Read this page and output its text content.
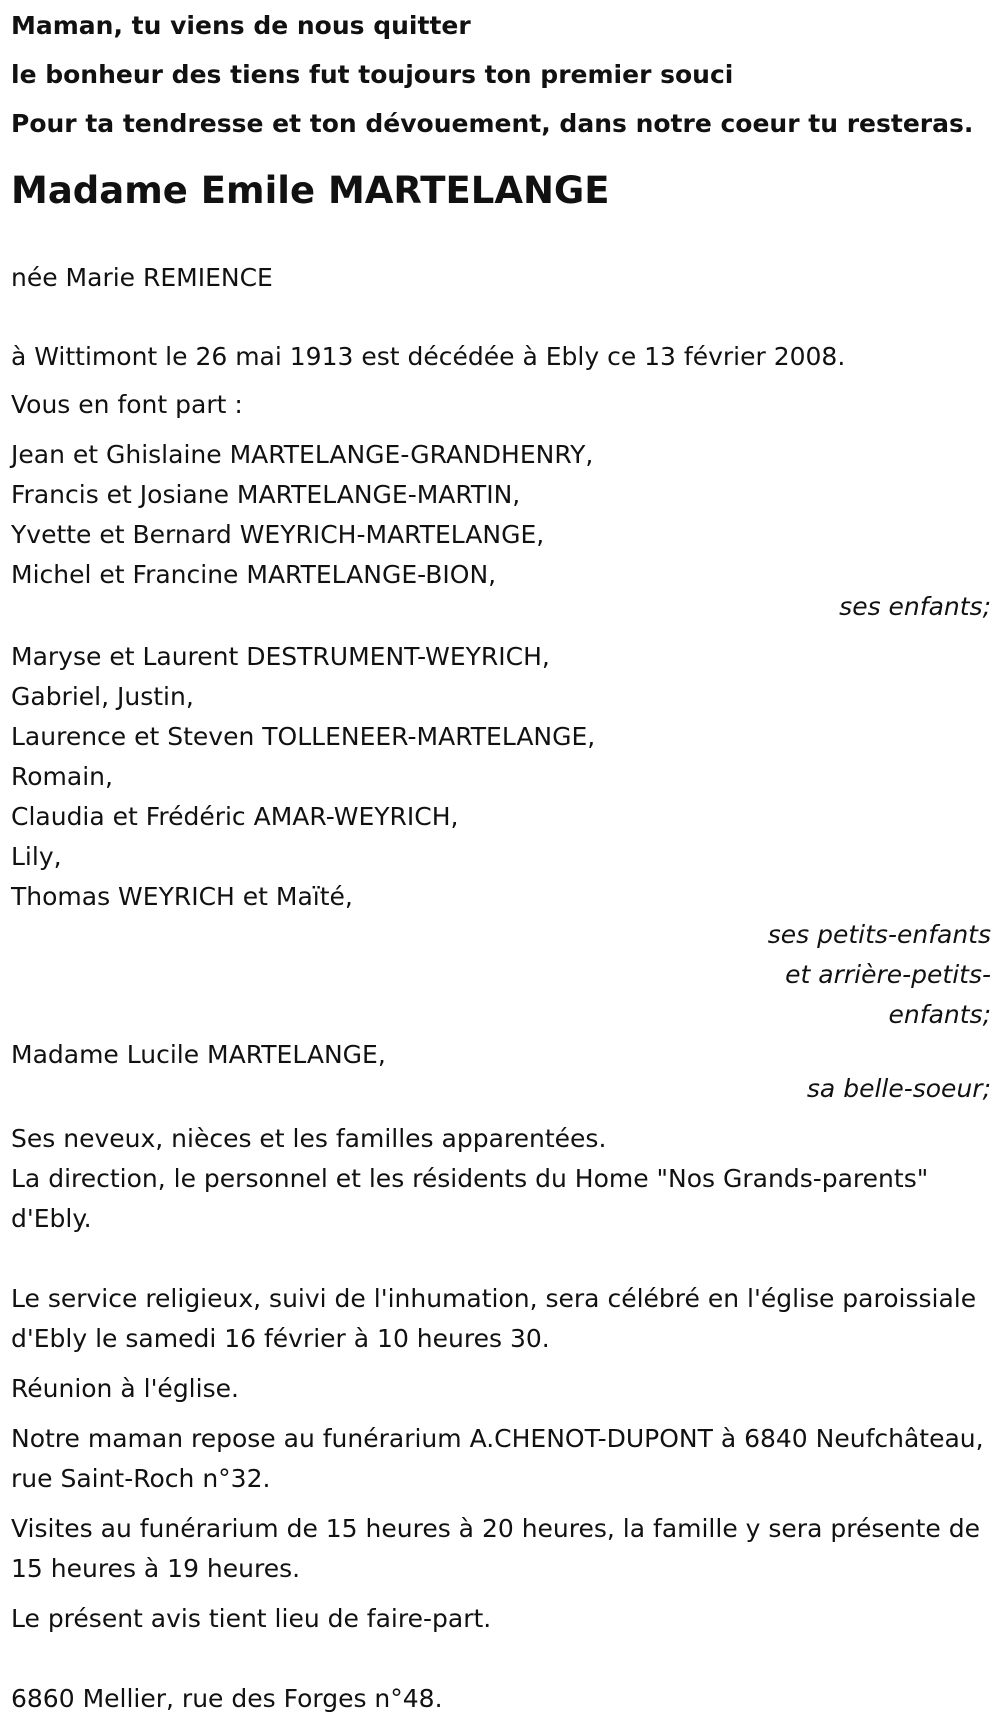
Maman, tu viens de nous quitter
le bonheur des tiens fut toujours ton premier souci
Pour ta tendresse et ton dévouement, dans notre coeur tu resteras.
Madame Emile MARTELANGE
née Marie REMIENCE
à Wittimont le 26 mai 1913 est décédée à Ebly ce 13 février 2008.
Vous en font part :
Jean et Ghislaine MARTELANGE-GRANDHENRY,
Francis et Josiane MARTELANGE-MARTIN,
Yvette et Bernard WEYRICH-MARTELANGE,
Michel et Francine MARTELANGE-BION,
ses enfants;
Maryse et Laurent DESTRUMENT-WEYRICH,
Gabriel, Justin,
Laurence et Steven TOLLENEER-MARTELANGE,
Romain,
Claudia et Frédéric AMAR-WEYRICH,
Lily,
Thomas WEYRICH et Maïté,
ses petits-enfants
et arrière-petits-
enfants;
Madame Lucile MARTELANGE,
sa belle-soeur;
Ses neveux, nièces et les familles apparentées.
La direction, le personnel et les résidents du Home "Nos Grands-parents" d'Ebly.
Le service religieux, suivi de l'inhumation, sera célébré en l'église paroissiale d'Ebly le samedi 16 février à 10 heures 30.
Réunion à l'église.
Notre maman repose au funérarium A.CHENOT-DUPONT à 6840 Neufchâteau, rue Saint-Roch n°32.
Visites au funérarium de 15 heures à 20 heures, la famille y sera présente de 15 heures à 19 heures.
Le présent avis tient lieu de faire-part.
6860 Mellier, rue des Forges n°48.
